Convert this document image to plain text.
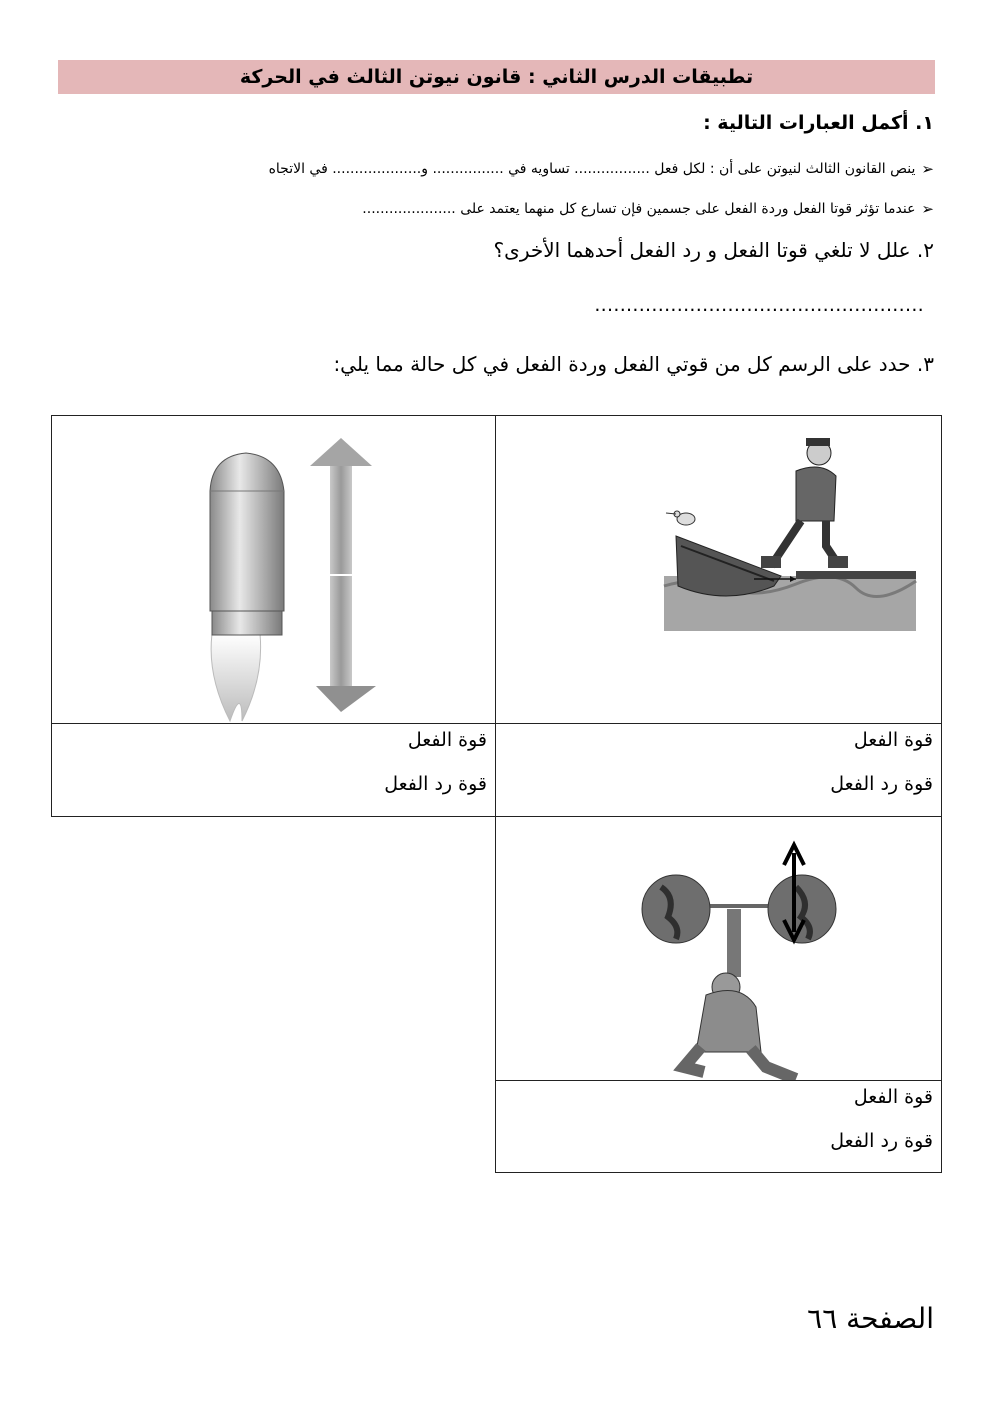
تطبيقات الدرس الثاني : قانون نيوتن الثالث في الحركة
١. أكمل العبارات التالية :
➢
ينص القانون الثالث لنيوتن على أن : لكل فعل ................. تساويه في ................ و.................... في الاتجاه
➢
عندما تؤثر قوتا الفعل وردة الفعل على جسمين فإن تسارع كل منهما يعتمد على .....................
٢. علل لا تلغي قوتا الفعل و رد الفعل أحدهما الأخرى؟
....................................................
٣. حدد على الرسم كل من قوتي الفعل وردة الفعل في كل حالة مما يلي:
قوة الفعل
قوة رد الفعل
قوة الفعل
قوة رد الفعل
قوة الفعل
قوة رد الفعل
الصفحة ٦٦
